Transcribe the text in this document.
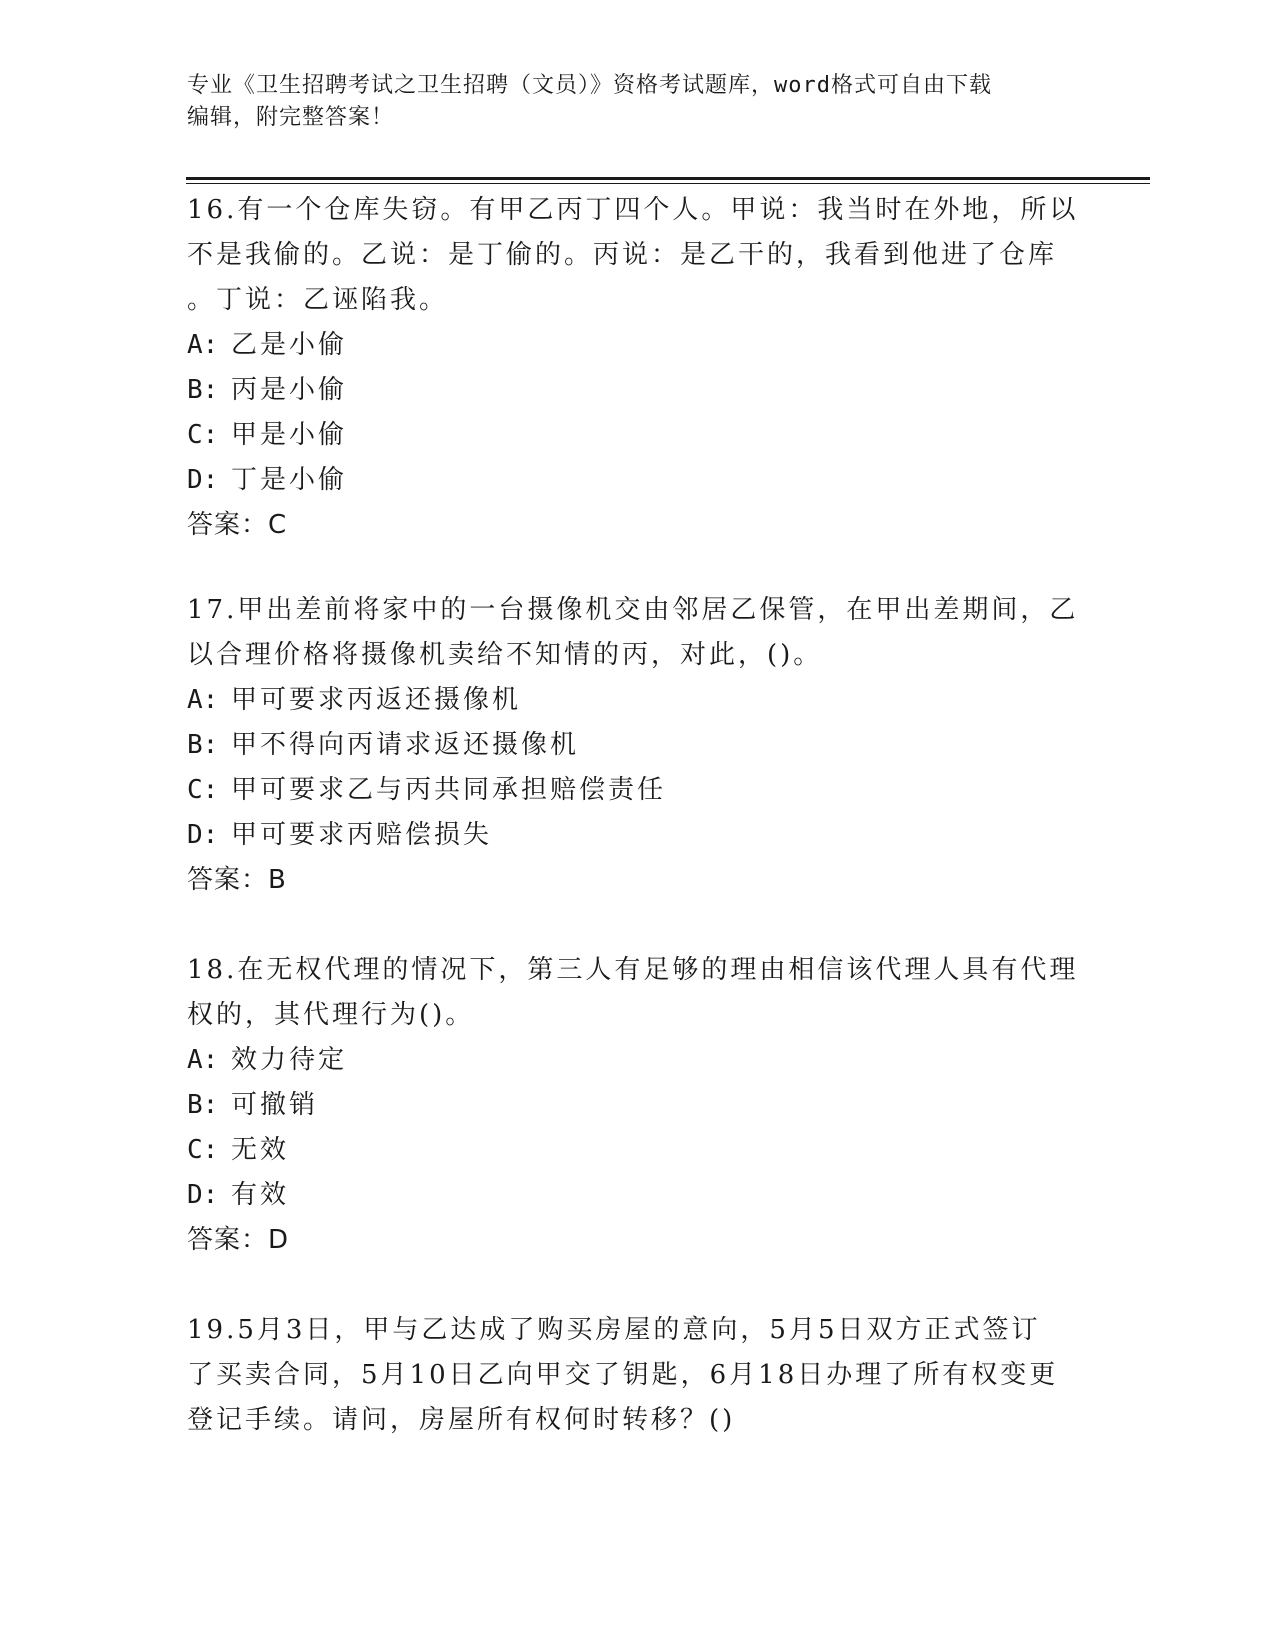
专业《卫生招聘考试之卫生招聘（文员）》资格考试题库，word格式可自由下载
编辑，附完整答案！

16.有一个仓库失窃。有甲乙丙丁四个人。甲说：我当时在外地，所以

不是我偷的。乙说：是丁偷的。丙说：是乙干的，我看到他进了仓库

。丁说：乙诬陷我。

A: 乙是小偷

B: 丙是小偷

C: 甲是小偷

D: 丁是小偷

答案：C

17.甲出差前将家中的一台摄像机交由邻居乙保管，在甲出差期间，乙

以合理价格将摄像机卖给不知情的丙，对此，()。

A: 甲可要求丙返还摄像机

B: 甲不得向丙请求返还摄像机

C: 甲可要求乙与丙共同承担赔偿责任

D: 甲可要求丙赔偿损失

答案：B

18.在无权代理的情况下，第三人有足够的理由相信该代理人具有代理

权的，其代理行为()。

A: 效力待定

B: 可撤销

C: 无效

D: 有效

答案：D

19.5月3日，甲与乙达成了购买房屋的意向，5月5日双方正式签订

了买卖合同，5月10日乙向甲交了钥匙，6月18日办理了所有权变更

登记手续。请问，房屋所有权何时转移？()
